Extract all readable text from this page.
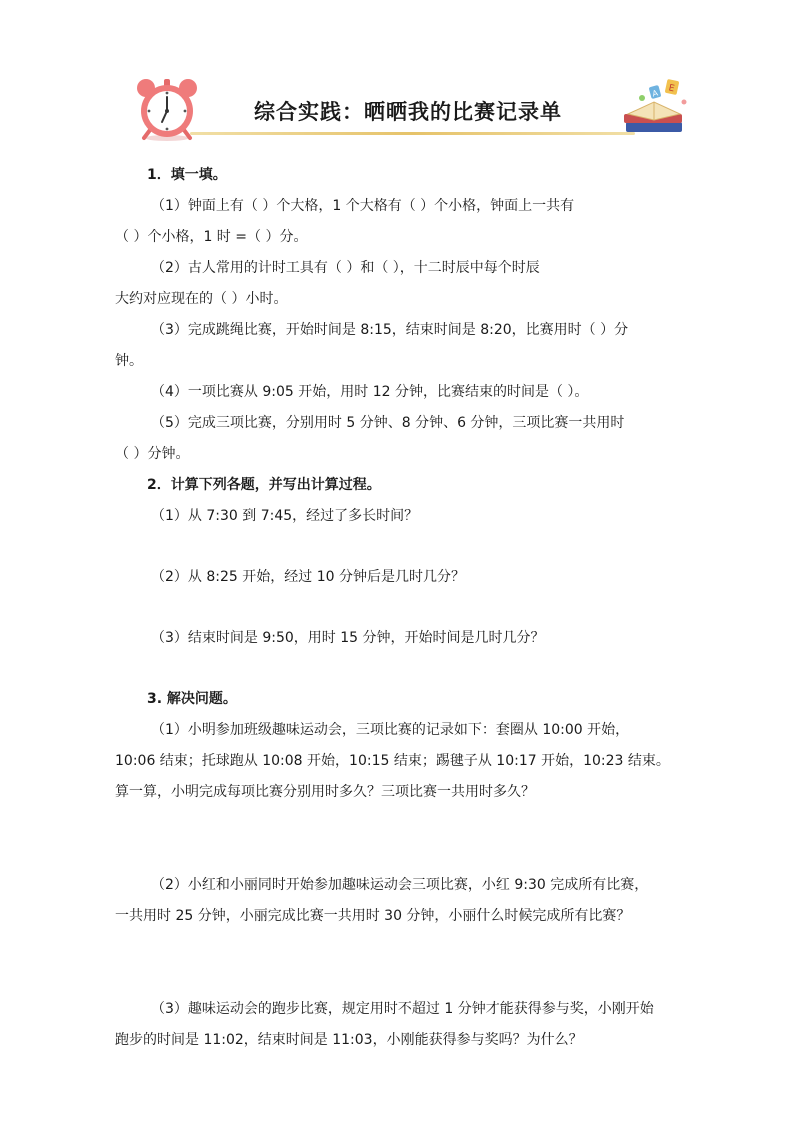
综合实践：晒晒我的比赛记录单
E
A

1．填一填。

（1）钟面上有（ ）个大格，1 个大格有（ ）个小格，钟面上一共有

（ ）个小格，1 时 =（ ）分。

（2）古人常用的计时工具有（ ）和（ ），十二时辰中每个时辰

大约对应现在的（ ）小时。

（3）完成跳绳比赛，开始时间是 8:15，结束时间是 8:20，比赛用时（ ）分

钟。

（4）一项比赛从 9:05 开始，用时 12 分钟，比赛结束的时间是（ ）。

（5）完成三项比赛，分别用时 5 分钟、8 分钟、6 分钟，三项比赛一共用时

（ ）分钟。

2．计算下列各题，并写出计算过程。

（1）从 7:30 到 7:45，经过了多长时间？

（2）从 8:25 开始，经过 10 分钟后是几时几分？

（3）结束时间是 9:50，用时 15 分钟，开始时间是几时几分？

3. 解决问题。

（1）小明参加班级趣味运动会，三项比赛的记录如下：套圈从 10:00 开始，

10:06 结束；托球跑从 10:08 开始，10:15 结束；踢毽子从 10:17 开始，10:23 结束。

算一算，小明完成每项比赛分别用时多久？三项比赛一共用时多久？

（2）小红和小丽同时开始参加趣味运动会三项比赛，小红 9:30 完成所有比赛，

一共用时 25 分钟，小丽完成比赛一共用时 30 分钟，小丽什么时候完成所有比赛？

（3）趣味运动会的跑步比赛，规定用时不超过 1 分钟才能获得参与奖，小刚开始

跑步的时间是 11:02，结束时间是 11:03，小刚能获得参与奖吗？为什么？
